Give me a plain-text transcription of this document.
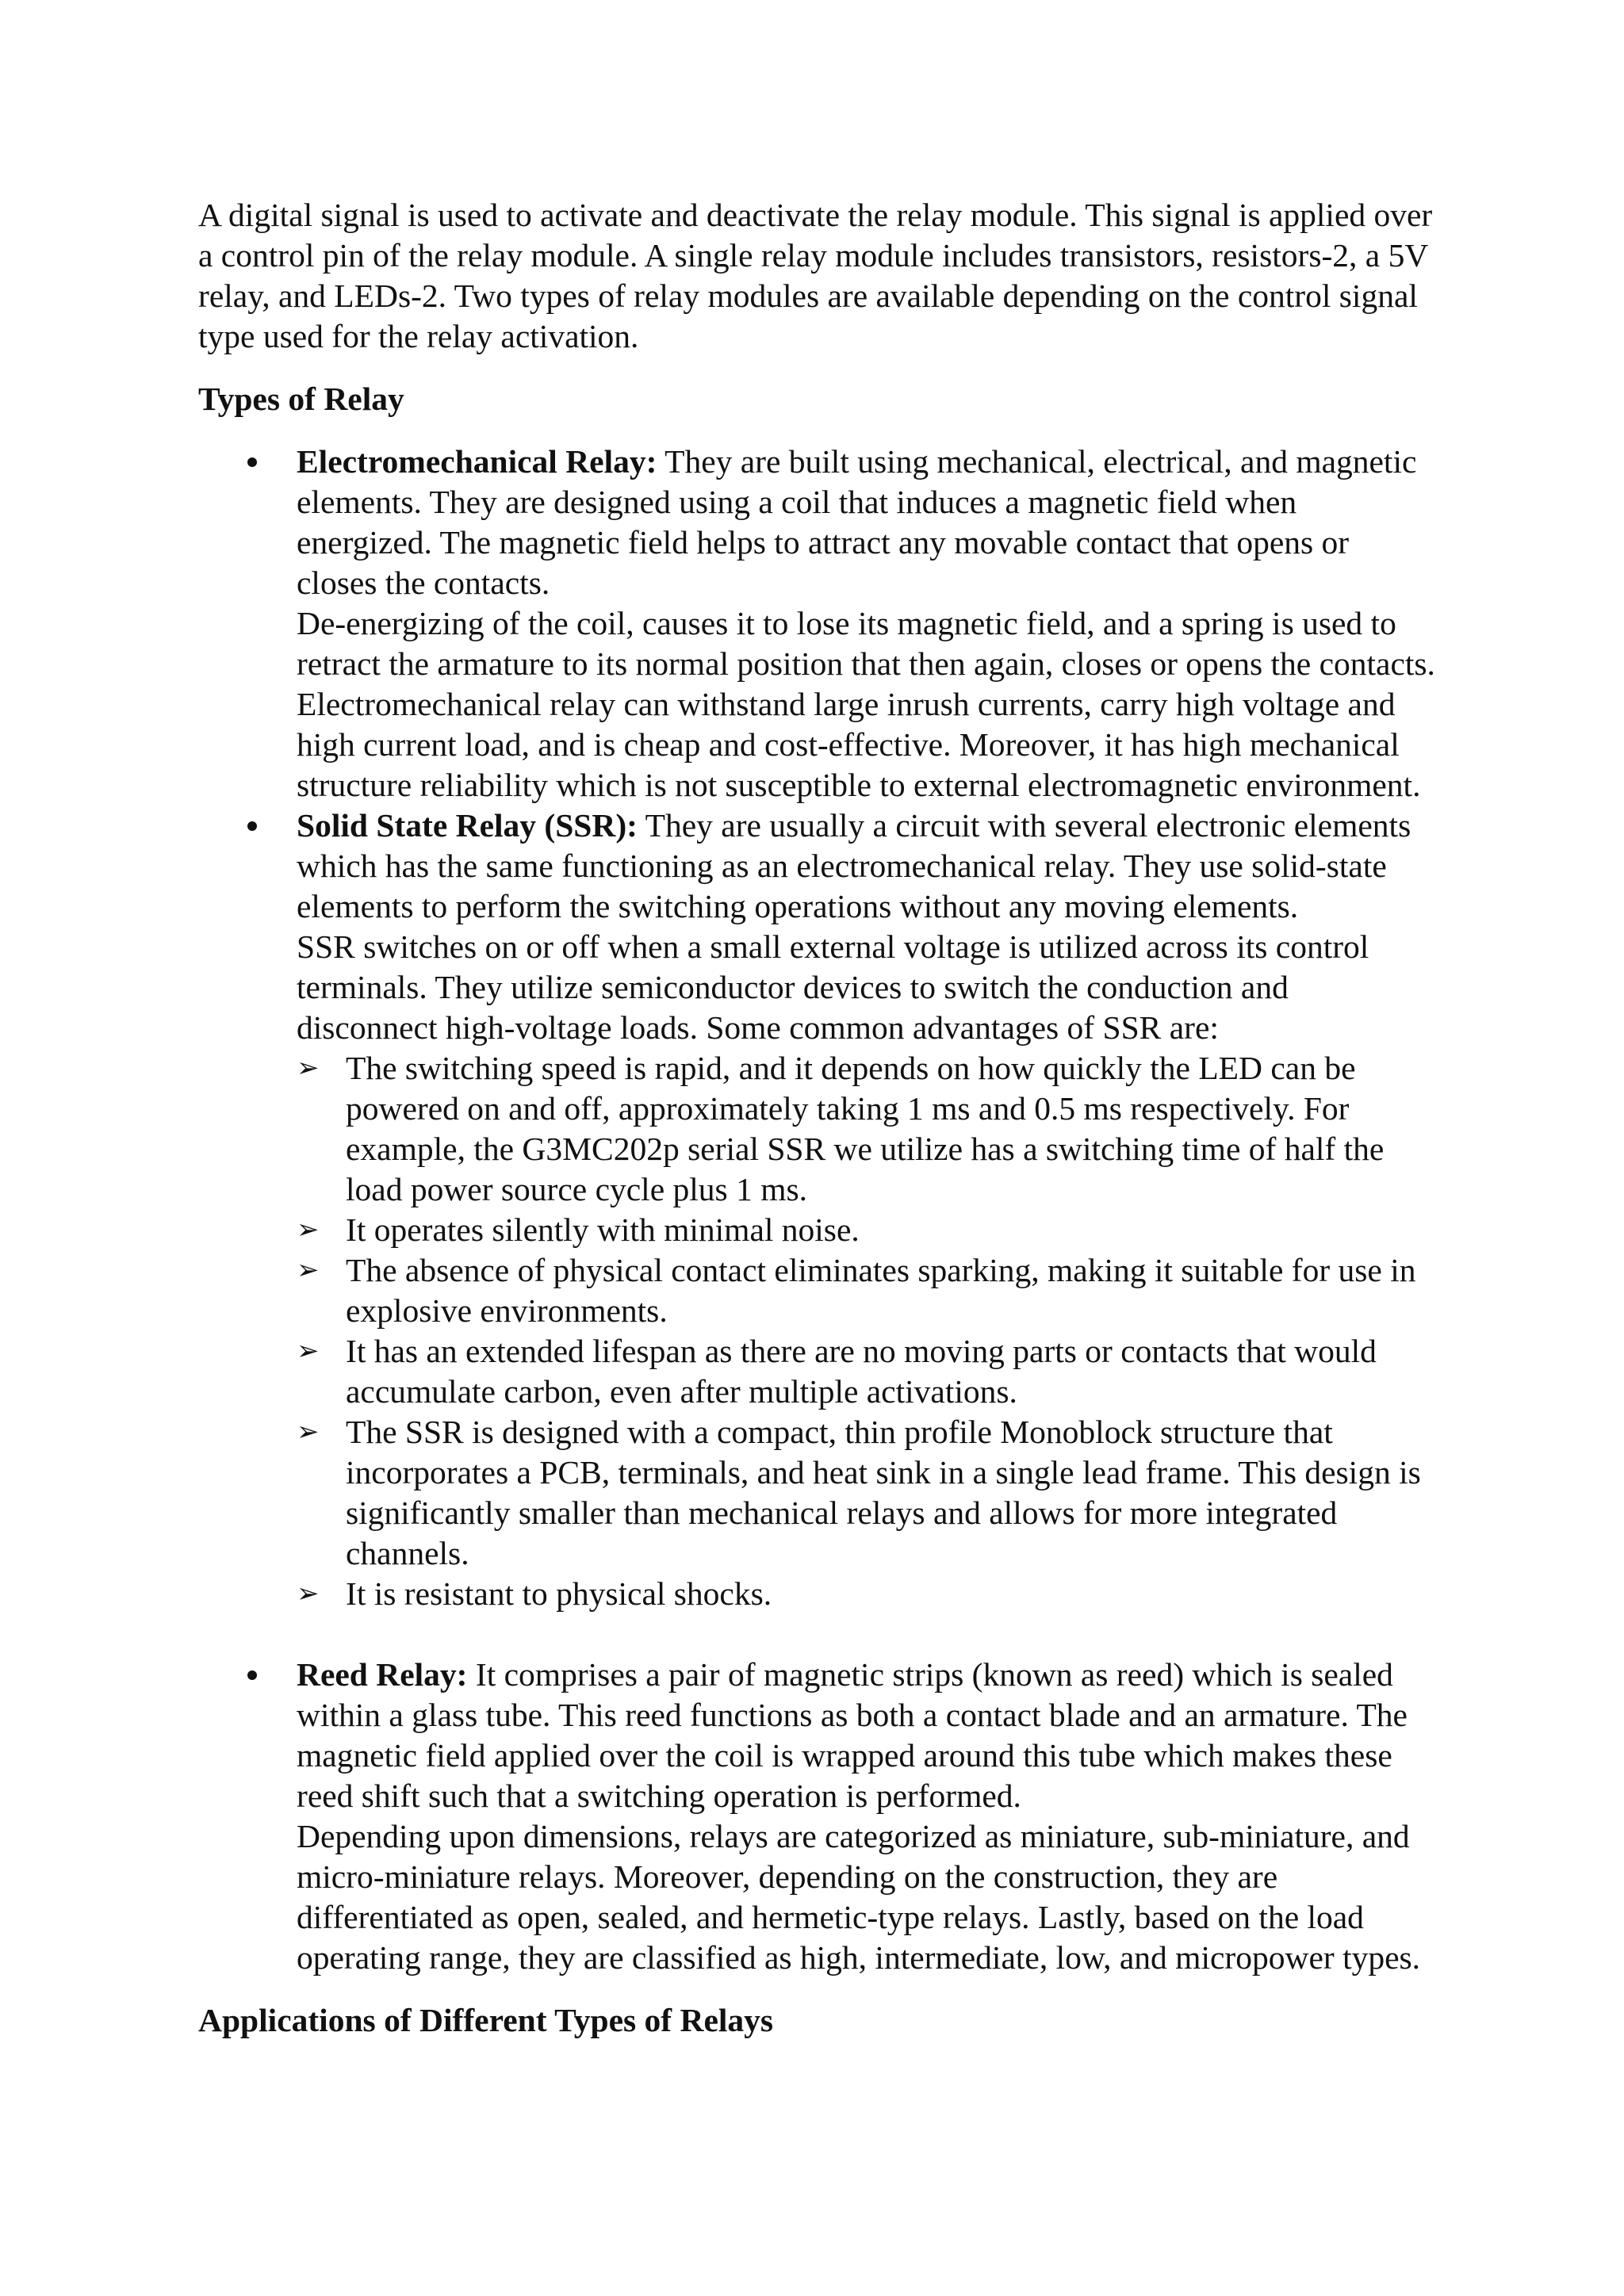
A digital signal is used to activate and deactivate the relay module. This signal is applied over a control pin of the relay module. A single relay module includes transistors, resistors-2, a 5V relay, and LEDs-2. Two types of relay modules are available depending on the control signal type used for the relay activation.

Types of Relay

Electromechanical Relay: They are built using mechanical, electrical, and magnetic elements. They are designed using a coil that induces a magnetic field when energized. The magnetic field helps to attract any movable contact that opens or closes the contacts.

De-energizing of the coil, causes it to lose its magnetic field, and a spring is used to retract the armature to its normal position that then again, closes or opens the contacts. Electromechanical relay can withstand large inrush currents, carry high voltage and high current load, and is cheap and cost-effective. Moreover, it has high mechanical structure reliability which is not susceptible to external electromagnetic environment.

Solid State Relay (SSR): They are usually a circuit with several electronic elements which has the same functioning as an electromechanical relay. They use solid-state elements to perform the switching operations without any moving elements.

SSR switches on or off when a small external voltage is utilized across its control terminals. They utilize semiconductor devices to switch the conduction and disconnect high-voltage loads. Some common advantages of SSR are:

➢ The switching speed is rapid, and it depends on how quickly the LED can be powered on and off, approximately taking 1 ms and 0.5 ms respectively. For example, the G3MC202p serial SSR we utilize has a switching time of half the load power source cycle plus 1 ms.
➢ It operates silently with minimal noise.
➢ The absence of physical contact eliminates sparking, making it suitable for use in explosive environments.
➢ It has an extended lifespan as there are no moving parts or contacts that would accumulate carbon, even after multiple activations.
➢ The SSR is designed with a compact, thin profile Monoblock structure that incorporates a PCB, terminals, and heat sink in a single lead frame. This design is significantly smaller than mechanical relays and allows for more integrated channels.
➢ It is resistant to physical shocks.

Reed Relay: It comprises a pair of magnetic strips (known as reed) which is sealed within a glass tube. This reed functions as both a contact blade and an armature. The magnetic field applied over the coil is wrapped around this tube which makes these reed shift such that a switching operation is performed.

Depending upon dimensions, relays are categorized as miniature, sub-miniature, and micro-miniature relays. Moreover, depending on the construction, they are differentiated as open, sealed, and hermetic-type relays. Lastly, based on the load operating range, they are classified as high, intermediate, low, and micropower types.

Applications of Different Types of Relays
